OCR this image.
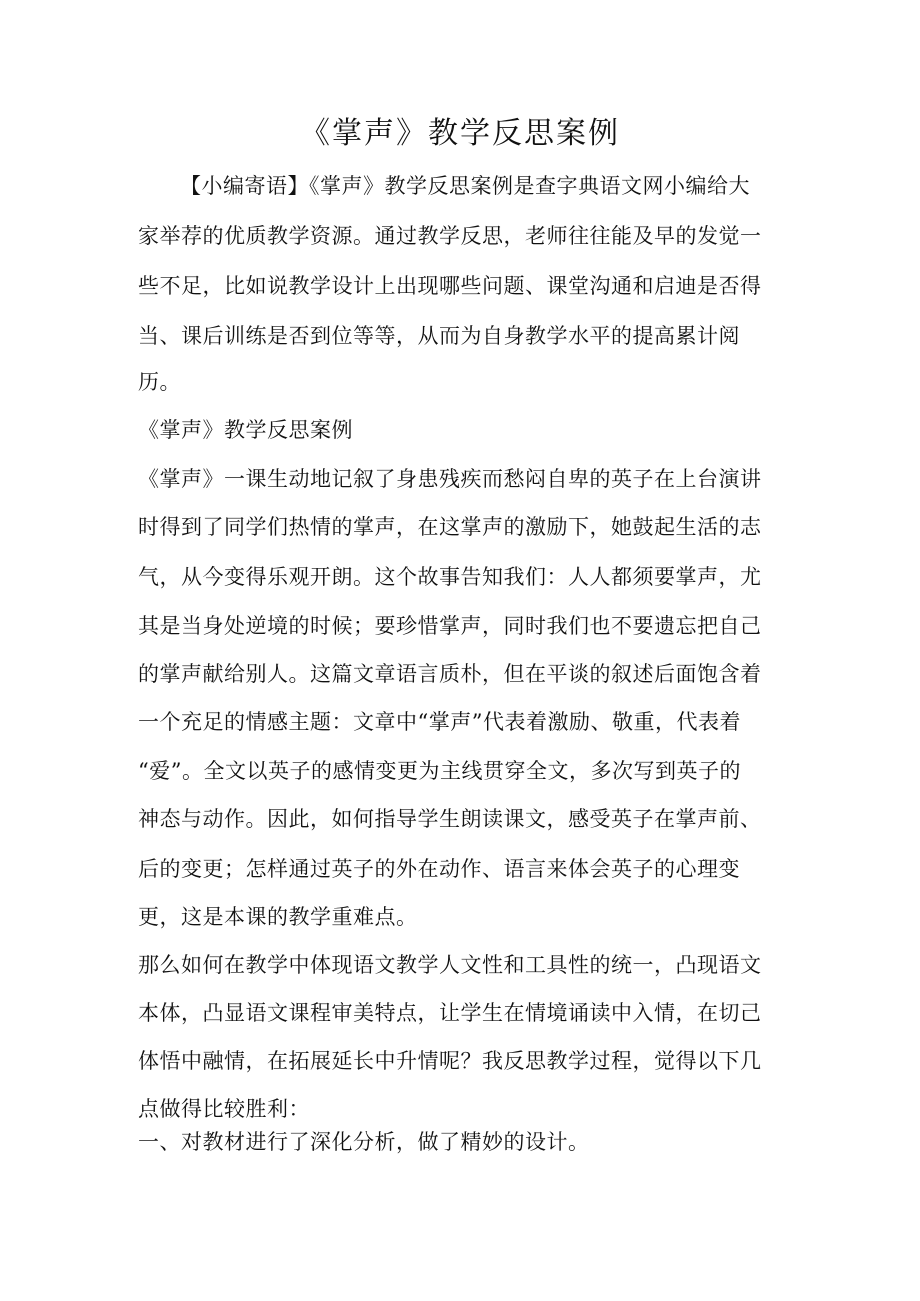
《掌声》教学反思案例
【小编寄语】《掌声》教学反思案例是查字典语文网小编给大
家举荐的优质教学资源。通过教学反思，老师往往能及早的发觉一
些不足，比如说教学设计上出现哪些问题、课堂沟通和启迪是否得
当、课后训练是否到位等等，从而为自身教学水平的提高累计阅
历。
《掌声》教学反思案例
《掌声》一课生动地记叙了身患残疾而愁闷自卑的英子在上台演讲
时得到了同学们热情的掌声，在这掌声的激励下，她鼓起生活的志
气，从今变得乐观开朗。这个故事告知我们：人人都须要掌声，尤
其是当身处逆境的时候；要珍惜掌声，同时我们也不要遗忘把自己
的掌声献给别人。这篇文章语言质朴，但在平谈的叙述后面饱含着
一个充足的情感主题：文章中“掌声”代表着激励、敬重，代表着
“爱”。全文以英子的感情变更为主线贯穿全文，多次写到英子的
神态与动作。因此，如何指导学生朗读课文，感受英子在掌声前、
后的变更；怎样通过英子的外在动作、语言来体会英子的心理变
更，这是本课的教学重难点。
那么如何在教学中体现语文教学人文性和工具性的统一，凸现语文
本体，凸显语文课程审美特点，让学生在情境诵读中入情，在切己
体悟中融情，在拓展延长中升情呢？我反思教学过程，觉得以下几
点做得比较胜利：
一、对教材进行了深化分析，做了精妙的设计。
